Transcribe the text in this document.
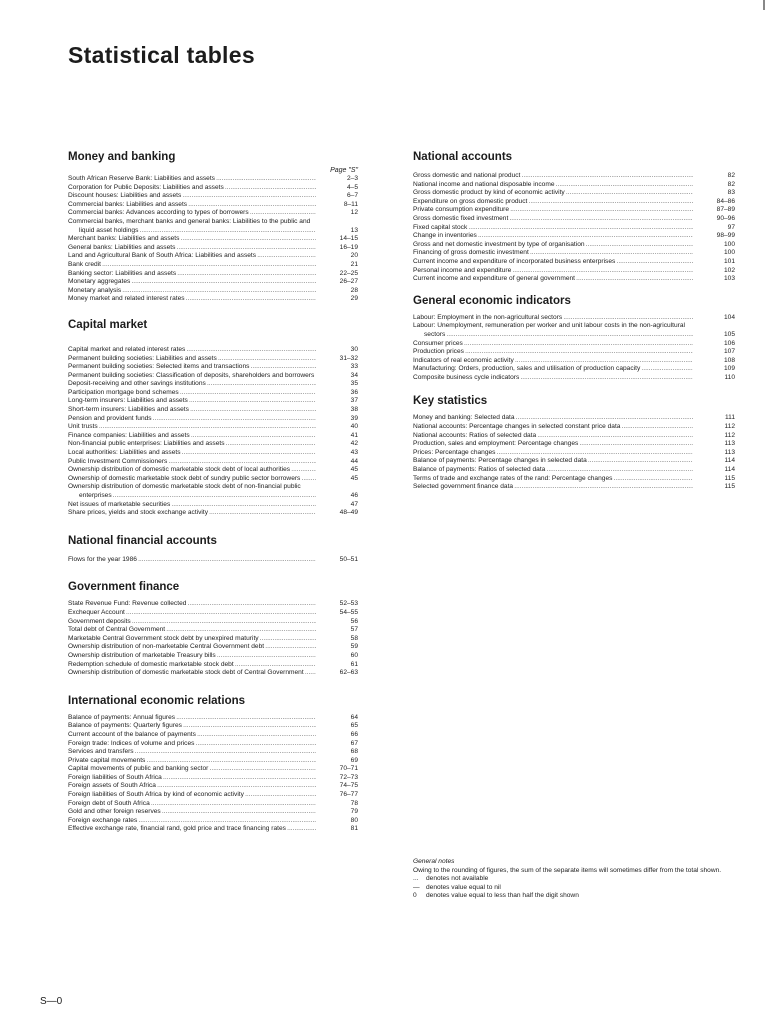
Statistical tables
Money and banking
Page "S"
South African Reserve Bank: Liabilities and assets .....	2–3
Corporation for Public Deposits: Liabilities and assets .....	4–5
Discount houses: Liabilities and assets .....	6–7
Commercial banks: Liabilities and assets .....	8–11
Commercial banks: Advances according to types of borrowers .....	12
Commercial banks, merchant banks and general banks: Liabilities to the public and liquid asset holdings .....	13
Merchant banks: Liabilities and assets .....	14–15
General banks: Liabilities and assets .....	16–19
Land and Agricultural Bank of South Africa: Liabilities and assets .....	20
Bank credit .....	21
Banking sector: Liabilities and assets .....	22–25
Monetary aggregates .....	26–27
Monetary analysis .....	28
Money market and related interest rates .....	29
Capital market
Capital market and related interest rates .....	30
Permanent building societies: Liabilities and assets .....	31–32
Permanent building societies: Selected items and transactions .....	33
Permanent building societies: Classification of deposits, shareholders and borrowers .....	34
Deposit-receiving and other savings institutions .....	35
Participation mortgage bond schemes .....	36
Long-term insurers: Liabilities and assets .....	37
Short-term insurers: Liabilities and assets .....	38
Pension and provident funds .....	39
Unit trusts .....	40
Finance companies: Liabilities and assets .....	41
Non-financial public enterprises: Liabilities and assets .....	42
Local authorities: Liabilities and assets .....	43
Public Investment Commissioners .....	44
Ownership distribution of domestic marketable stock debt of local authorities .....	45
Ownership of domestic marketable stock debt of sundry public sector borrowers .....	45
Ownership distribution of domestic marketable stock debt of non-financial public enterprises .....	46
Net issues of marketable securities .....	47
Share prices, yields and stock exchange activity .....	48–49
National financial accounts
Flows for the year 1986 .....	50–51
Government finance
State Revenue Fund: Revenue collected .....	52–53
Exchequer Account .....	54–55
Government deposits .....	56
Total debt of Central Government .....	57
Marketable Central Government stock debt by unexpired maturity .....	58
Ownership distribution of non-marketable Central Government debt .....	59
Ownership distribution of marketable Treasury bills .....	60
Redemption schedule of domestic marketable stock debt .....	61
Ownership distribution of domestic marketable stock debt of Central Government .....	62–63
International economic relations
Balance of payments: Annual figures .....	64
Balance of payments: Quarterly figures .....	65
Current account of the balance of payments .....	66
Foreign trade: Indices of volume and prices .....	67
Services and transfers .....	68
Private capital movements .....	69
Capital movements of public and banking sector .....	70–71
Foreign liabilities of South Africa .....	72–73
Foreign assets of South Africa .....	74–75
Foreign liabilities of South Africa by kind of economic activity .....	76–77
Foreign debt of South Africa .....	78
Gold and other foreign reserves .....	79
Foreign exchange rates .....	80
Effective exchange rate, financial rand, gold price and trace financing rates .....	81
National accounts
Gross domestic and national product .....	82
National income and national disposable income .....	82
Gross domestic product by kind of economic activity .....	83
Expenditure on gross domestic product .....	84–86
Private consumption expenditure .....	87–89
Gross domestic fixed investment .....	90–96
Fixed capital stock .....	97
Change in inventories .....	98–99
Gross and net domestic investment by type of organisation .....	100
Financing of gross domestic investment .....	100
Current income and expenditure of incorporated business enterprises .....	101
Personal income and expenditure .....	102
Current income and expenditure of general government .....	103
General economic indicators
Labour: Employment in the non-agricultural sectors .....	104
Labour: Unemployment, remuneration per worker and unit labour costs in the non-agricultural sectors .....	105
Consumer prices .....	106
Production prices .....	107
Indicators of real economic activity .....	108
Manufacturing: Orders, production, sales and utilisation of production capacity .....	109
Composite business cycle indicators .....	110
Key statistics
Money and banking: Selected data .....	111
National accounts: Percentage changes in selected constant price data .....	112
National accounts: Ratios of selected data .....	112
Production, sales and employment: Percentage changes .....	113
Prices: Percentage changes .....	113
Balance of payments: Percentage changes in selected data .....	114
Balance of payments: Ratios of selected data .....	114
Terms of trade and exchange rates of the rand: Percentage changes .....	115
Selected government finance data .....	115
General notes
Owing to the rounding of figures, the sum of the separate items will sometimes differ from the total shown.
...	denotes not available
— denotes value equal to nil
0	denotes value equal to less than half the digit shown
S—0
